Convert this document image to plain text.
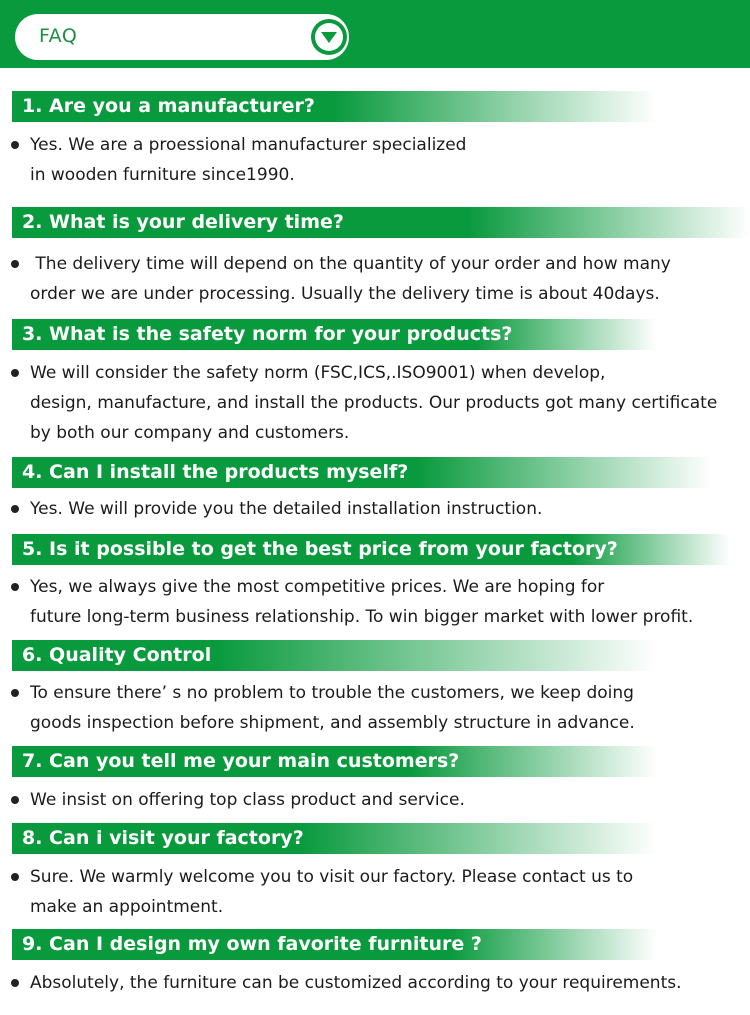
FAQ
1. Are you a manufacturer?
Yes. We are a proessional manufacturer specialized
in wooden furniture since1990.
2. What is your delivery time?
The delivery time will depend on the quantity of your order and how many
order we are under processing. Usually the delivery time is about 40days.
3. What is the safety norm for your products?
We will consider the safety norm (FSC,ICS,.ISO9001) when develop,
design, manufacture, and install the products. Our products got many certificate
by both our company and customers.
4. Can I install the products myself?
Yes. We will provide you the detailed installation instruction.
5. Is it possible to get the best price from your factory?
Yes, we always give the most competitive prices. We are hoping for
future long-term business relationship. To win bigger market with lower profit.
6. Quality Control
To ensure there’ s no problem to trouble the customers, we keep doing
goods inspection before shipment, and assembly structure in advance.
7. Can you tell me your main customers?
We insist on offering top class product and service.
8. Can i visit your factory?
Sure. We warmly welcome you to visit our factory. Please contact us to
make an appointment.
9. Can I design my own favorite furniture ?
Absolutely, the furniture can be customized according to your requirements.
